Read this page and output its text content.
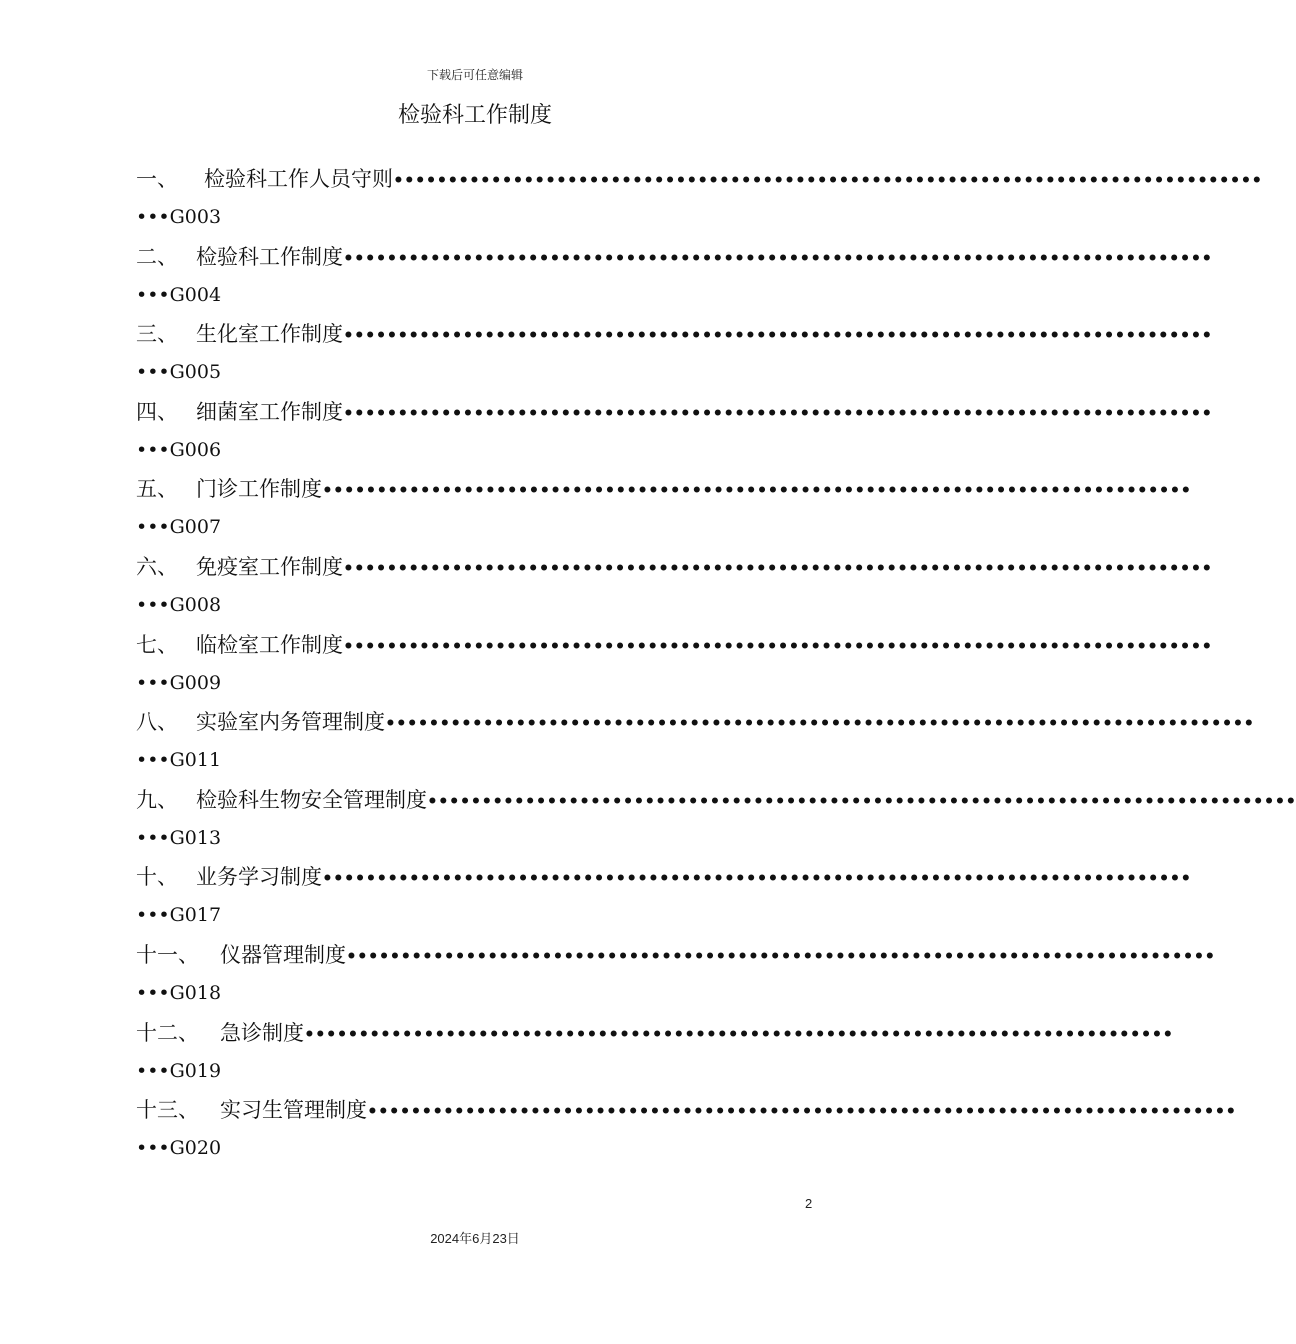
下载后可任意编辑
检验科工作制度
一、 检验科工作人员守则••••••••••••••••••••••••••••••••••••••••••••••••••••••••••••••••••••••••••••••••
•••G003
二、 检验科工作制度••••••••••••••••••••••••••••••••••••••••••••••••••••••••••••••••••••••••••••••••
•••G004
三、 生化室工作制度••••••••••••••••••••••••••••••••••••••••••••••••••••••••••••••••••••••••••••••••
•••G005
四、 细菌室工作制度••••••••••••••••••••••••••••••••••••••••••••••••••••••••••••••••••••••••••••••••
•••G006
五、 门诊工作制度••••••••••••••••••••••••••••••••••••••••••••••••••••••••••••••••••••••••••••••••
•••G007
六、 免疫室工作制度••••••••••••••••••••••••••••••••••••••••••••••••••••••••••••••••••••••••••••••••
•••G008
七、 临检室工作制度••••••••••••••••••••••••••••••••••••••••••••••••••••••••••••••••••••••••••••••••
•••G009
八、 实验室内务管理制度••••••••••••••••••••••••••••••••••••••••••••••••••••••••••••••••••••••••••••••••
•••G011
九、 检验科生物安全管理制度••••••••••••••••••••••••••••••••••••••••••••••••••••••••••••••••••••••••••••••••
•••G013
十、 业务学习制度••••••••••••••••••••••••••••••••••••••••••••••••••••••••••••••••••••••••••••••••
•••G017
十一、 仪器管理制度••••••••••••••••••••••••••••••••••••••••••••••••••••••••••••••••••••••••••••••••
•••G018
十二、 急诊制度••••••••••••••••••••••••••••••••••••••••••••••••••••••••••••••••••••••••••••••••
•••G019
十三、 实习生管理制度••••••••••••••••••••••••••••••••••••••••••••••••••••••••••••••••••••••••••••••••
•••G020
2
2024年6月23日
